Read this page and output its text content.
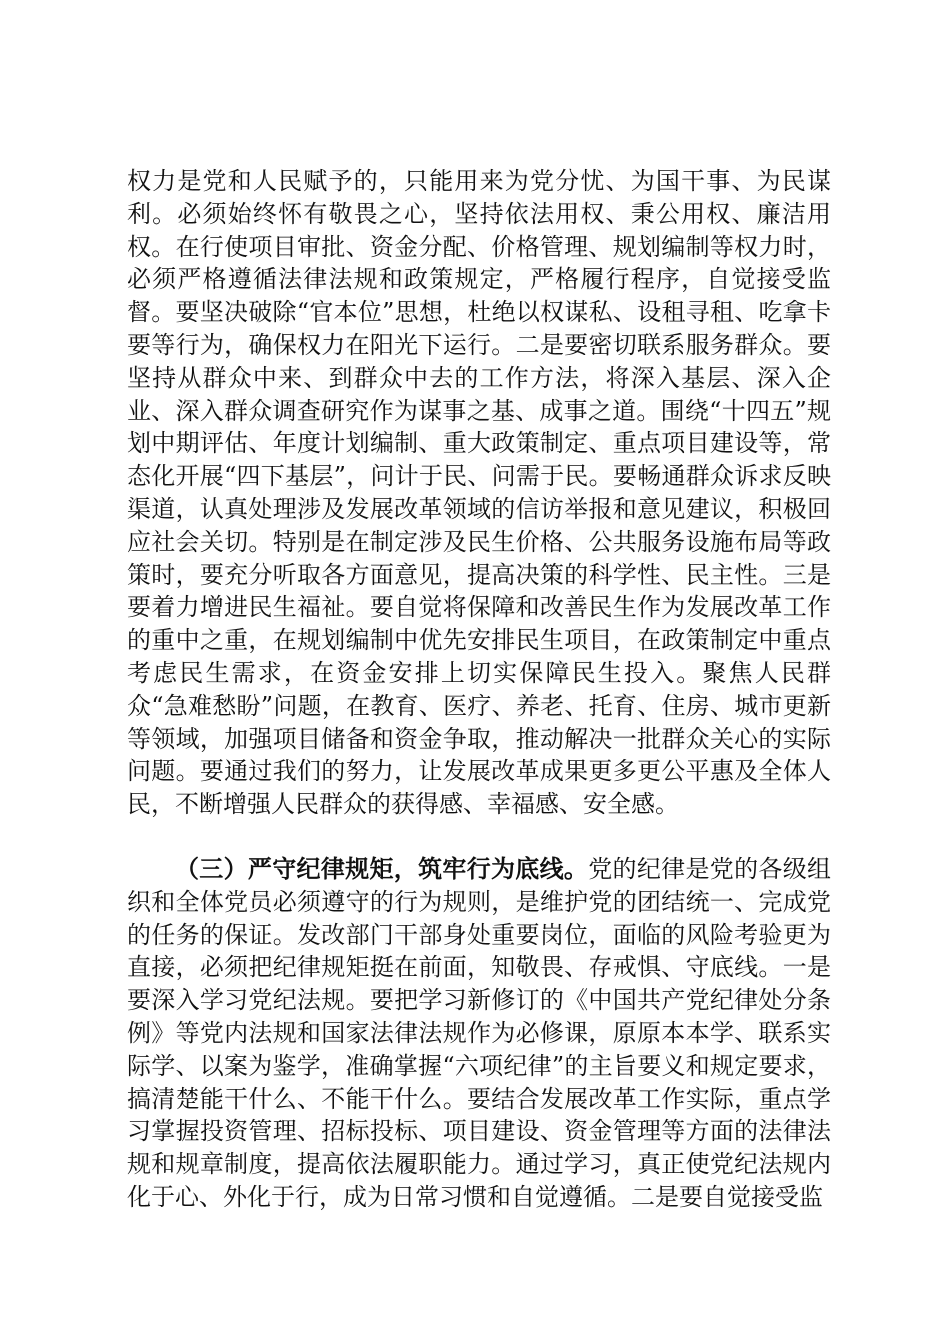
权力是党和人民赋予的，只能用来为党分忧、为国干事、为民谋利。必须始终怀有敬畏之心，坚持依法用权、秉公用权、廉洁用权。在行使项目审批、资金分配、价格管理、规划编制等权力时，必须严格遵循法律法规和政策规定，严格履行程序，自觉接受监督。要坚决破除“官本位”思想，杜绝以权谋私、设租寻租、吃拿卡要等行为，确保权力在阳光下运行。二是要密切联系服务群众。要坚持从群众中来、到群众中去的工作方法，将深入基层、深入企业、深入群众调查研究作为谋事之基、成事之道。围绕“十四五”规划中期评估、年度计划编制、重大政策制定、重点项目建设等，常态化开展“四下基层”，问计于民、问需于民。要畅通群众诉求反映渠道，认真处理涉及发展改革领域的信访举报和意见建议，积极回应社会关切。特别是在制定涉及民生价格、公共服务设施布局等政策时，要充分听取各方面意见，提高决策的科学性、民主性。三是要着力增进民生福祉。要自觉将保障和改善民生作为发展改革工作的重中之重，在规划编制中优先安排民生项目，在政策制定中重点考虑民生需求，在资金安排上切实保障民生投入。聚焦人民群众“急难愁盼”问题，在教育、医疗、养老、托育、住房、城市更新等领域，加强项目储备和资金争取，推动解决一批群众关心的实际问题。要通过我们的努力，让发展改革成果更多更公平惠及全体人民，不断增强人民群众的获得感、幸福感、安全感。

（三）严守纪律规矩，筑牢行为底线。党的纪律是党的各级组织和全体党员必须遵守的行为规则，是维护党的团结统一、完成党的任务的保证。发改部门干部身处重要岗位，面临的风险考验更为直接，必须把纪律规矩挺在前面，知敬畏、存戒惧、守底线。一是要深入学习党纪法规。要把学习新修订的《中国共产党纪律处分条例》等党内法规和国家法律法规作为必修课，原原本本学、联系实际学、以案为鉴学，准确掌握“六项纪律”的主旨要义和规定要求，搞清楚能干什么、不能干什么。要结合发展改革工作实际，重点学习掌握投资管理、招标投标、项目建设、资金管理等方面的法律法规和规章制度，提高依法履职能力。通过学习，真正使党纪法规内化于心、外化于行，成为日常习惯和自觉遵循。二是要自觉接受监
